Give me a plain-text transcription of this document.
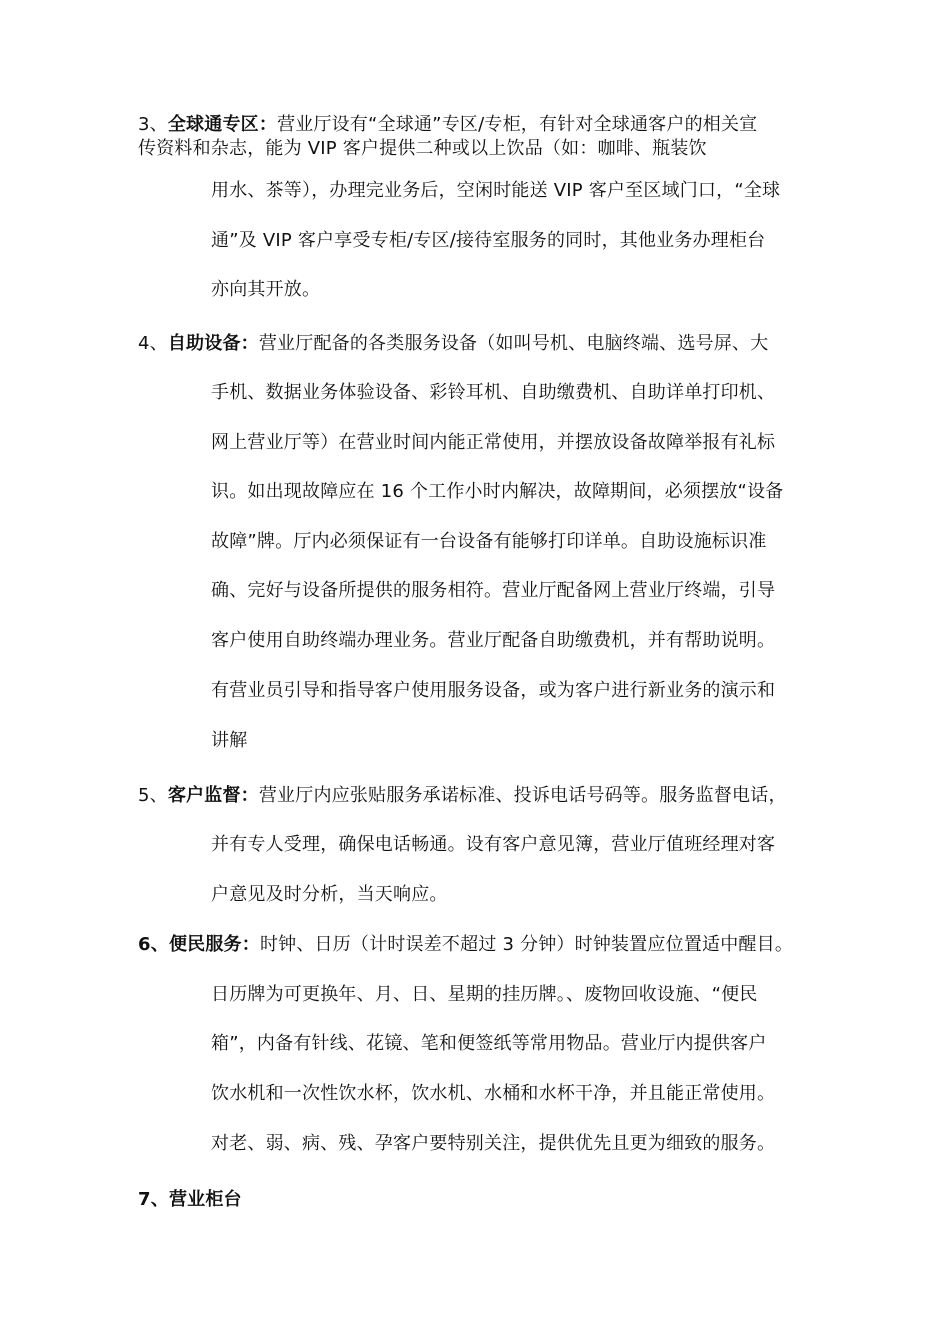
3、全球通专区：营业厅设有“全球通”专区/专柜，有针对全球通客户的相关宣
传资料和杂志，能为 VIP 客户提供二种或以上饮品（如：咖啡、瓶装饮
用水、茶等），办理完业务后，空闲时能送 VIP 客户至区域门口，“全球
通”及 VIP 客户享受专柜/专区/接待室服务的同时，其他业务办理柜台
亦向其开放。
4、自助设备：营业厅配备的各类服务设备（如叫号机、电脑终端、选号屏、大
手机、数据业务体验设备、彩铃耳机、自助缴费机、自助详单打印机、
网上营业厅等）在营业时间内能正常使用，并摆放设备故障举报有礼标
识。如出现故障应在 16 个工作小时内解决，故障期间，必须摆放“设备
故障”牌。厅内必须保证有一台设备有能够打印详单。自助设施标识准
确、完好与设备所提供的服务相符。营业厅配备网上营业厅终端，引导
客户使用自助终端办理业务。营业厅配备自助缴费机，并有帮助说明。
有营业员引导和指导客户使用服务设备，或为客户进行新业务的演示和
讲解
5、客户监督：营业厅内应张贴服务承诺标准、投诉电话号码等。服务监督电话，
并有专人受理，确保电话畅通。设有客户意见簿，营业厅值班经理对客
户意见及时分析，当天响应。
6、便民服务：时钟、日历（计时误差不超过 3 分钟）时钟装置应位置适中醒目。
日历牌为可更换年、月、日、星期的挂历牌。、废物回收设施、“便民
箱”，内备有针线、花镜、笔和便签纸等常用物品。营业厅内提供客户
饮水机和一次性饮水杯，饮水机、水桶和水杯干净，并且能正常使用。
对老、弱、病、残、孕客户要特别关注，提供优先且更为细致的服务。
7、营业柜台
